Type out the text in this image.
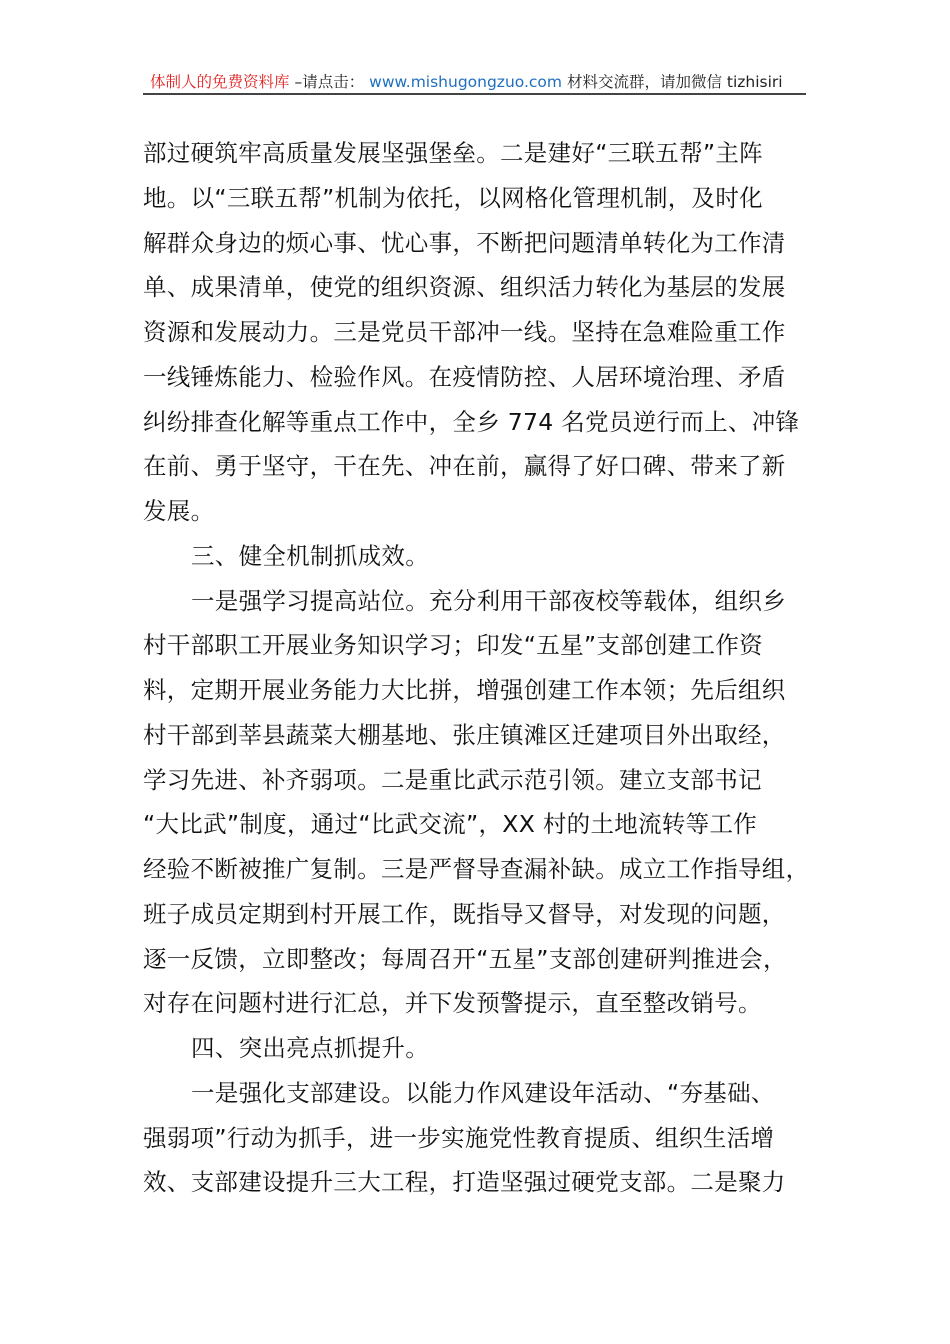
体制人的免费资料库 –请点击： www.mishugongzuo.com 材料交流群，请加微信 tizhisiri
部过硬筑牢高质量发展坚强堡垒。二是建好“三联五帮”主阵
地。以“三联五帮”机制为依托，以网格化管理机制，及时化
解群众身边的烦心事、忧心事，不断把问题清单转化为工作清
单、成果清单，使党的组织资源、组织活力转化为基层的发展
资源和发展动力。三是党员干部冲一线。坚持在急难险重工作
一线锤炼能力、检验作风。在疫情防控、人居环境治理、矛盾
纠纷排查化解等重点工作中，全乡 774 名党员逆行而上、冲锋
在前、勇于坚守，干在先、冲在前，赢得了好口碑、带来了新
发展。
三、健全机制抓成效。
一是强学习提高站位。充分利用干部夜校等载体，组织乡
村干部职工开展业务知识学习；印发“五星”支部创建工作资
料，定期开展业务能力大比拼，增强创建工作本领；先后组织
村干部到莘县蔬菜大棚基地、张庄镇滩区迁建项目外出取经，
学习先进、补齐弱项。二是重比武示范引领。建立支部书记
“大比武”制度，通过“比武交流”，XX 村的土地流转等工作
经验不断被推广复制。三是严督导查漏补缺。成立工作指导组，
班子成员定期到村开展工作，既指导又督导，对发现的问题，
逐一反馈，立即整改；每周召开“五星”支部创建研判推进会，
对存在问题村进行汇总，并下发预警提示，直至整改销号。
四、突出亮点抓提升。
一是强化支部建设。以能力作风建设年活动、“夯基础、
强弱项”行动为抓手，进一步实施党性教育提质、组织生活增
效、支部建设提升三大工程，打造坚强过硬党支部。二是聚力
